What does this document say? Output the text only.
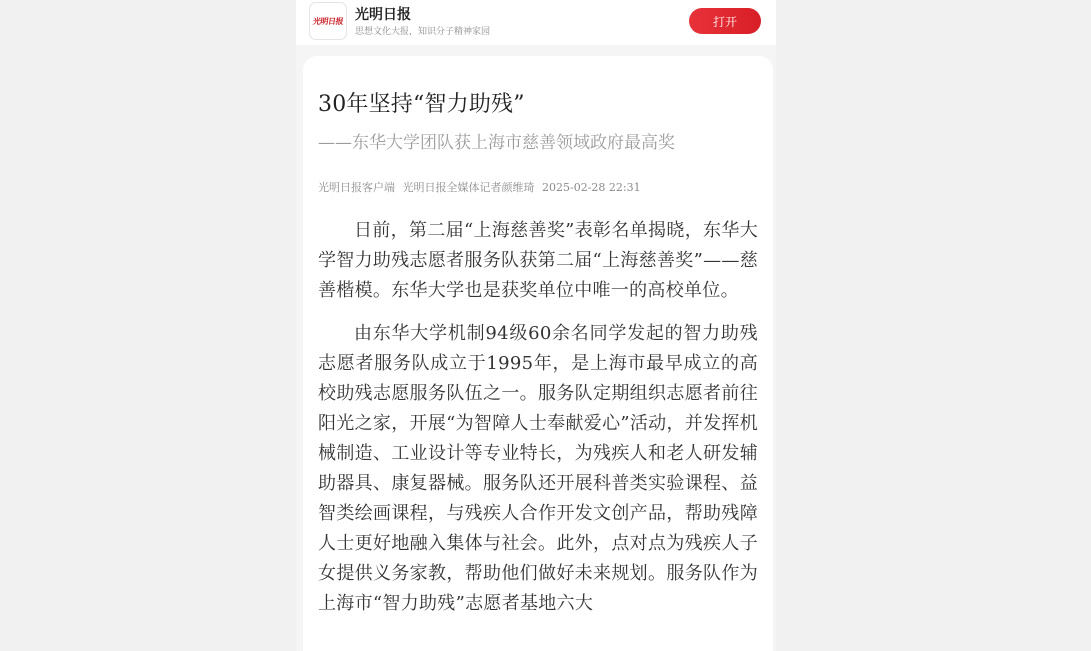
光明日报 光明日报
思想文化大报，知识分子精神家园
打开
30年坚持“智力助残”
——东华大学团队获上海市慈善领域政府最高奖
光明日报客户端 光明日报全媒体记者颜维琦 2025-02-28 22:31

日前，第二届“上海慈善奖”表彰名单揭晓，东华大学智力助残志愿者服务队获第二届“上海慈善奖”——慈善楷模。东华大学也是获奖单位中唯一的高校单位。

由东华大学机制94级60余名同学发起的智力助残志愿者服务队成立于1995年，是上海市最早成立的高校助残志愿服务队伍之一。服务队定期组织志愿者前往阳光之家，开展“为智障人士奉献爱心”活动，并发挥机械制造、工业设计等专业特长，为残疾人和老人研发辅助器具、康复器械。服务队还开展科普类实验课程、益智类绘画课程，与残疾人合作开发文创产品，帮助残障人士更好地融入集体与社会。此外，点对点为残疾人子女提供义务家教，帮助他们做好未来规划。服务队作为上海市“智力助残”志愿者基地六大
